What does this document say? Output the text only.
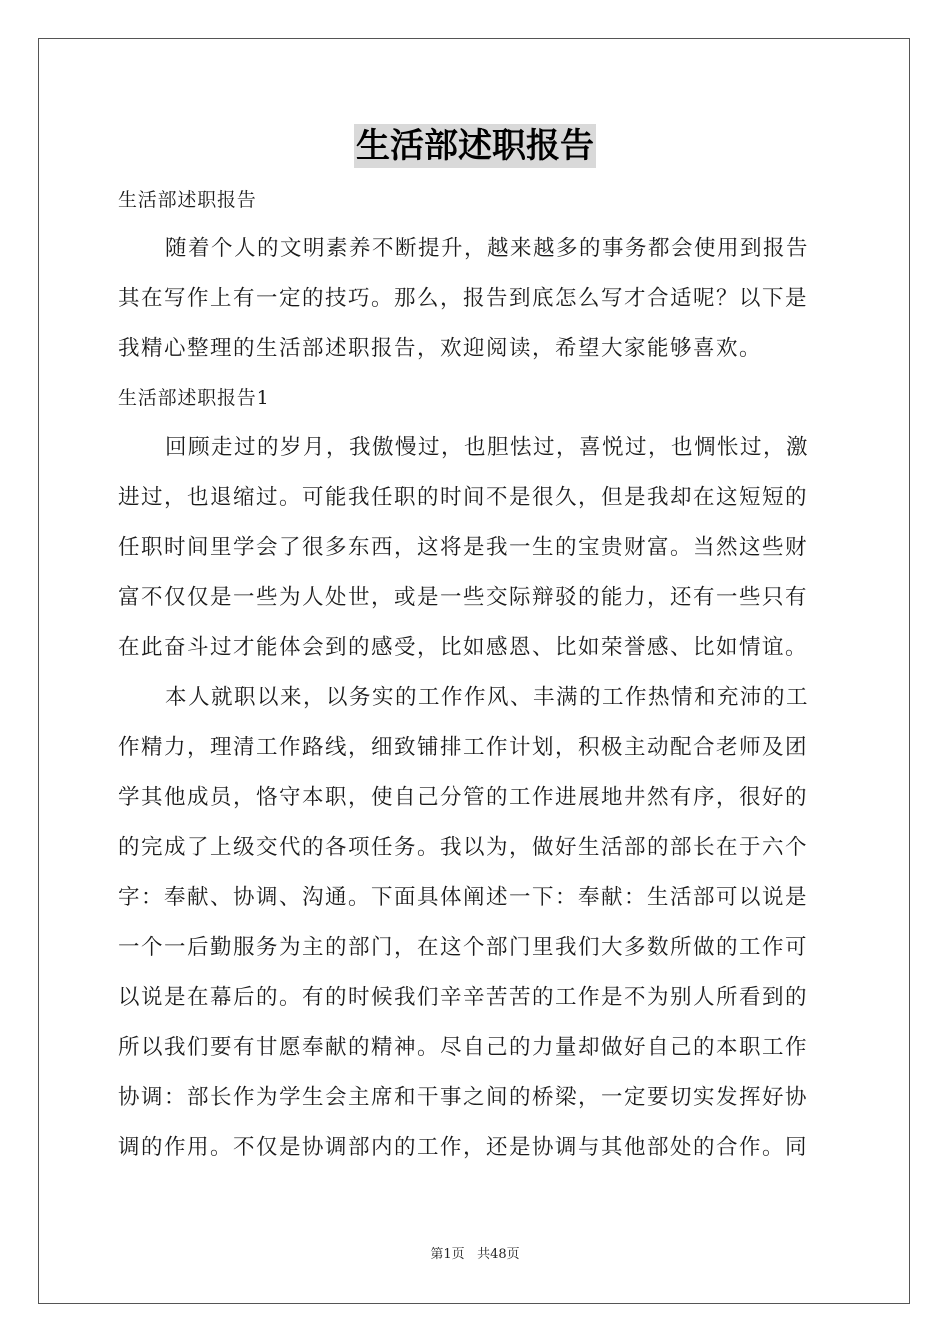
生活部述职报告
生活部述职报告
随着个人的文明素养不断提升，越来越多的事务都会使用到报告
其在写作上有一定的技巧。那么，报告到底怎么写才合适呢？以下是
我精心整理的生活部述职报告，欢迎阅读，希望大家能够喜欢。
生活部述职报告1
回顾走过的岁月，我傲慢过，也胆怯过，喜悦过，也惆怅过，激
进过，也退缩过。可能我任职的时间不是很久，但是我却在这短短的
任职时间里学会了很多东西，这将是我一生的宝贵财富。当然这些财
富不仅仅是一些为人处世，或是一些交际辩驳的能力，还有一些只有
在此奋斗过才能体会到的感受，比如感恩、比如荣誉感、比如情谊。
本人就职以来，以务实的工作作风、丰满的工作热情和充沛的工
作精力，理清工作路线，细致铺排工作计划，积极主动配合老师及团
学其他成员，恪守本职，使自己分管的工作进展地井然有序，很好的
的完成了上级交代的各项任务。我以为，做好生活部的部长在于六个
字：奉献、协调、沟通。下面具体阐述一下：奉献：生活部可以说是
一个一后勤服务为主的部门，在这个部门里我们大多数所做的工作可
以说是在幕后的。有的时候我们辛辛苦苦的工作是不为别人所看到的
所以我们要有甘愿奉献的精神。尽自己的力量却做好自己的本职工作
协调：部长作为学生会主席和干事之间的桥梁，一定要切实发挥好协
调的作用。不仅是协调部内的工作，还是协调与其他部处的合作。同
第1页 共48页
